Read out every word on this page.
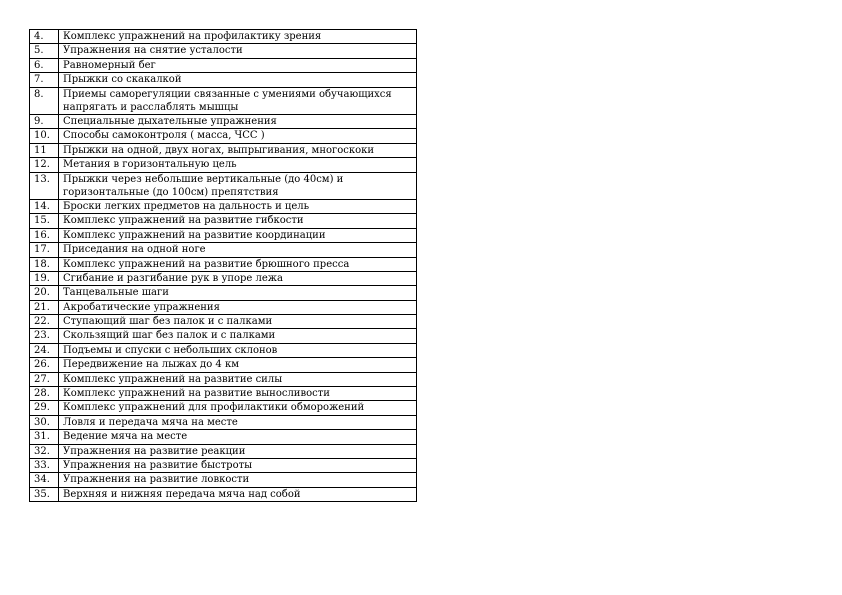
4.	Комплекс упражнений на профилактику зрения
5.	Упражнения на снятие усталости
6.	Равномерный бег
7.	Прыжки со скакалкой
8.	Приемы саморегуляции связанные с умениями обучающихся напрягать и расслаблять мышцы
9.	Специальные дыхательные упражнения
10.	Способы самоконтроля ( масса, ЧСС )
11	Прыжки на одной, двух ногах, выпрыгивания, многоскоки
12.	Метания в горизонтальную цель
13.	Прыжки через небольшие вертикальные (до 40см) и горизонтальные (до 100см) препятствия
14.	Броски легких предметов на дальность и цель
15.	Комплекс упражнений на развитие гибкости
16.	Комплекс упражнений на развитие координации
17.	Приседания на одной ноге
18.	Комплекс упражнений на развитие брюшного пресса
19.	Сгибание и разгибание рук в упоре лежа
20.	Танцевальные шаги
21.	Акробатические упражнения
22.	Ступающий шаг без палок и с палками
23.	Скользящий шаг без палок и с палками
24.	Подъемы и спуски с небольших склонов
26.	Передвижение на лыжах до 4 км
27.	Комплекс упражнений на развитие силы
28.	Комплекс упражнений на развитие выносливости
29.	Комплекс упражнений для профилактики обморожений
30.	Ловля и передача мяча на месте
31.	Ведение мяча на месте
32.	Упражнения на развитие реакции
33.	Упражнения на развитие быстроты
34.	Упражнения на развитие ловкости
35.	Верхняя и нижняя передача мяча над собой
